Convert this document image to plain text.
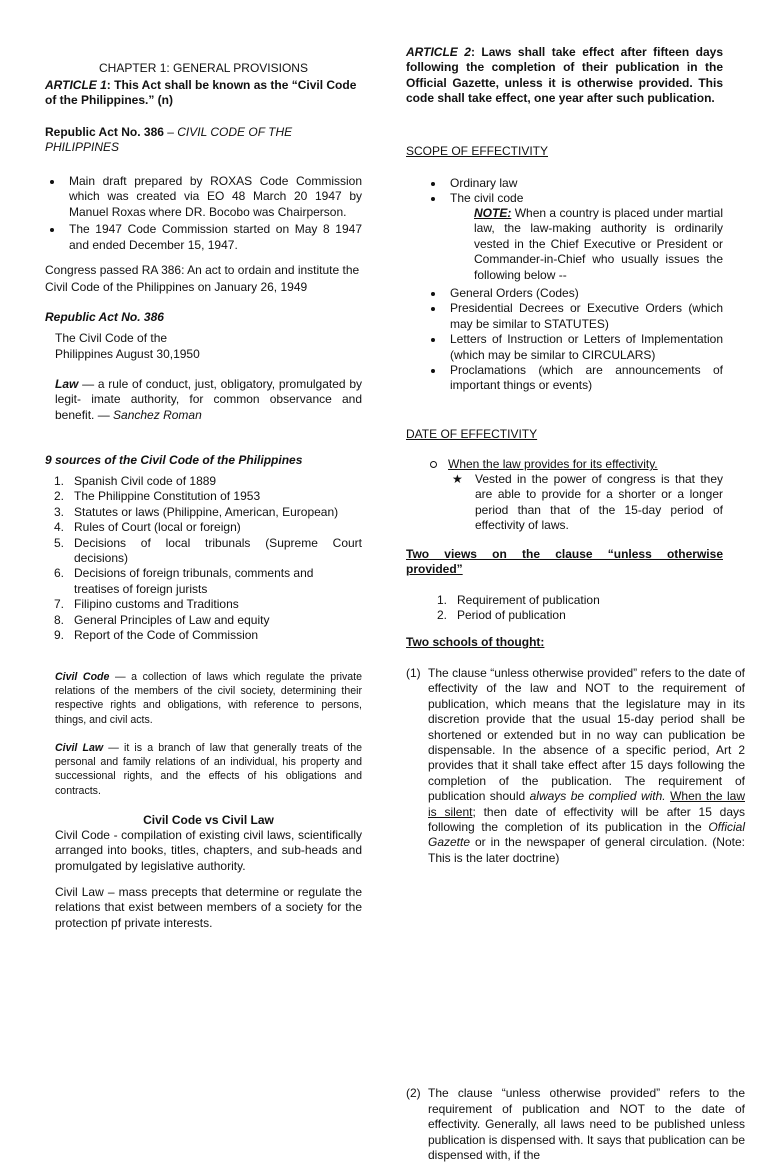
CHAPTER 1: GENERAL PROVISIONS

ARTICLE 1: This Act shall be known as the “Civil Code of the Philippines.” (n)

Republic Act No. 386 – CIVIL CODE OF THE PHILIPPINES

Main draft prepared by ROXAS Code Commission which was created via EO 48 March 20 1947 by Manuel Roxas where DR. Bocobo was Chairperson.
The 1947 Code Commission started on May 8 1947 and ended December 15, 1947.

Congress passed RA 386: An act to ordain and institute the Civil Code of the Philippines on January 26, 1949

Republic Act No. 386

The Civil Code of the

Philippines August 30,1950

Law — a rule of conduct, just, obligatory, promulgated by legit- imate authority, for common observance and benefit. — Sanchez Roman

9 sources of the Civil Code of the Philippines

1. Spanish Civil code of 1889
2. The Philippine Constitution of 1953
3. Statutes or laws (Philippine, American, European)
4. Rules of Court (local or foreign)
5. Decisions of local tribunals (Supreme Court decisions)
6. Decisions of foreign tribunals, comments and treatises of foreign jurists
7. Filipino customs and Traditions
8. General Principles of Law and equity
9. Report of the Code of Commission

Civil Code — a collection of laws which regulate the private relations of the members of the civil society, determining their respective rights and obligations, with reference to persons, things, and civil acts.

Civil Law — it is a branch of law that generally treats of the personal and family relations of an individual, his property and successional rights, and the effects of his obligations and contracts.

Civil Code vs Civil Law

Civil Code - compilation of existing civil laws, scientifically arranged into books, titles, chapters, and sub-heads and promulgated by legislative authority.

Civil Law – mass precepts that determine or regulate the relations that exist between members of a society for the protection pf private interests.

ARTICLE 2: Laws shall take effect after fifteen days following the completion of their publication in the Official Gazette, unless it is otherwise provided. This code shall take effect, one year after such publication.

SCOPE OF EFFECTIVITY

Ordinary law
The civil code

NOTE: When a country is placed under martial law, the law-making authority is ordinarily vested in the Chief Executive or President or Commander-in-Chief who usually issues the following below --

General Orders (Codes)
Presidential Decrees or Executive Orders (which may be similar to STATUTES)
Letters of Instruction or Letters of Implementation (which may be similar to CIRCULARS)
Proclamations (which are announcements of important things or events)

DATE OF EFFECTIVITY

When the law provides for its effectivity.

★ Vested in the power of congress is that they are able to provide for a shorter or a longer period than that of the 15-day period of effectivity of laws.

Two views on the clause “unless otherwise provided”

1. Requirement of publication
2. Period of publication

Two schools of thought:

(1) The clause “unless otherwise provided” refers to the date of effectivity of the law and NOT to the requirement of publication, which means that the legislature may in its discretion provide that the usual 15-day period shall be shortened or extended but in no way can publication be dispensable. In the absence of a specific period, Art 2 provides that it shall take effect after 15 days following the completion of the publication. The requirement of publication should always be complied with. When the law is silent; then date of effectivity will be after 15 days following the completion of its publication in the Official Gazette or in the newspaper of general circulation. (Note: This is the later doctrine)

(2) The clause “unless otherwise provided” refers to the requirement of publication and NOT to the date of effectivity. Generally, all laws need to be published unless publication is dispensed with. It says that publication can be dispensed with, if the
